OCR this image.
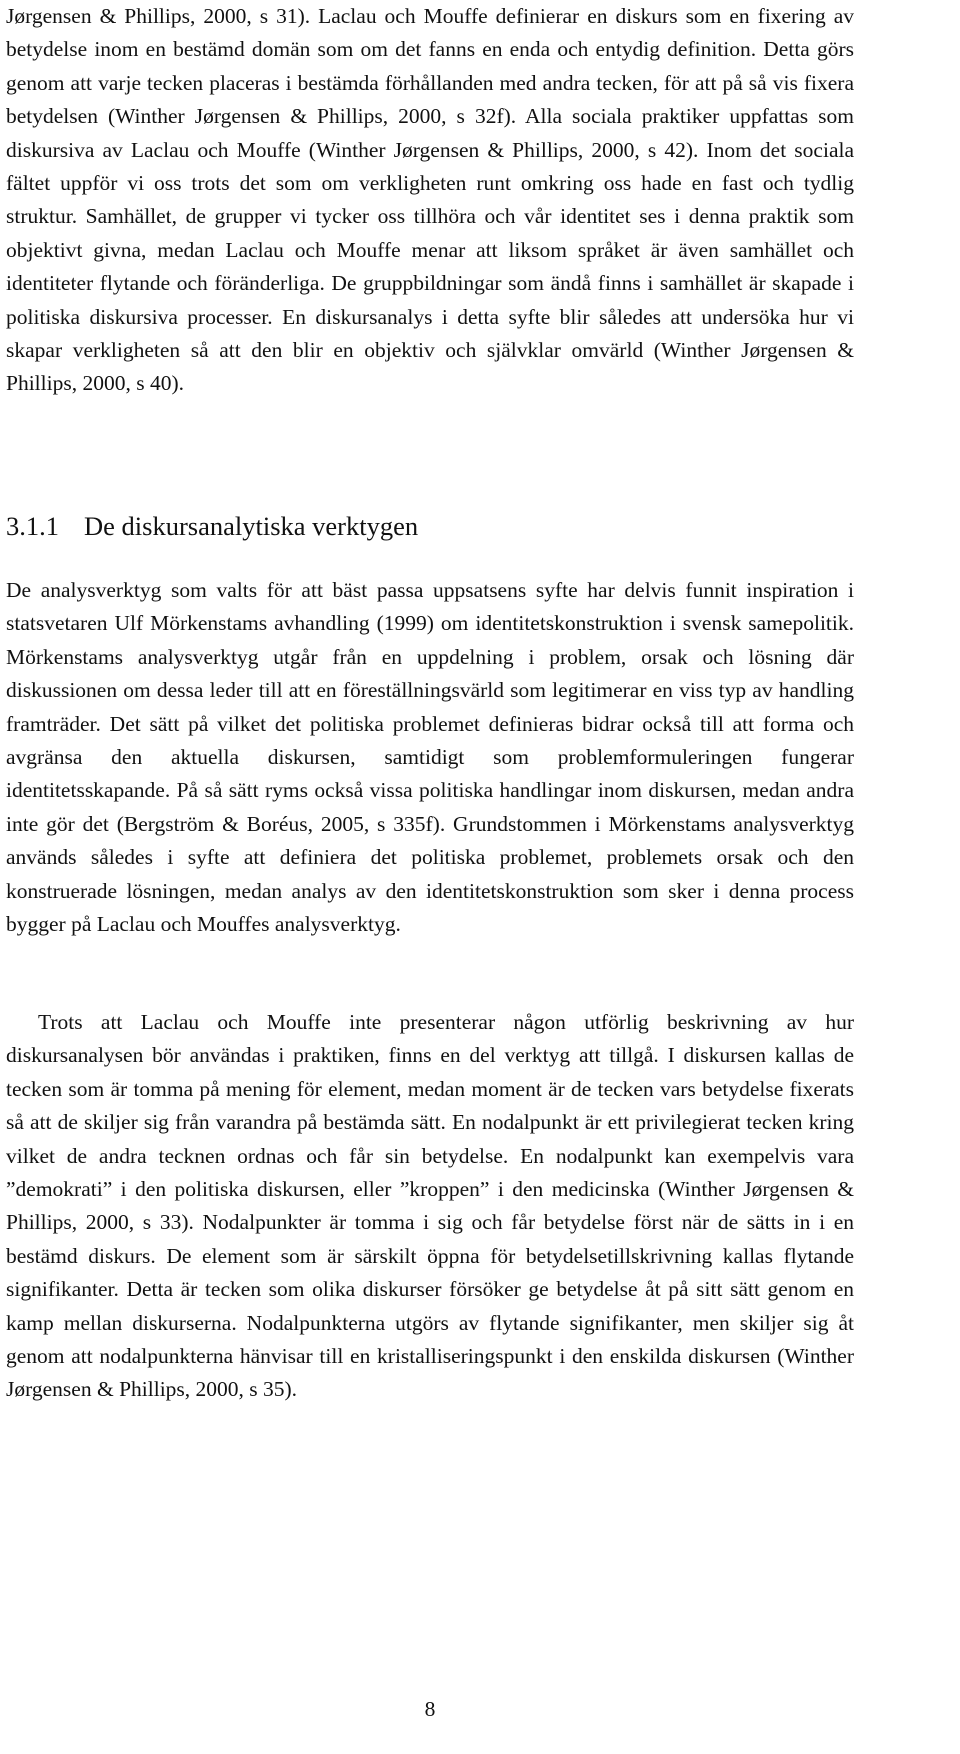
Jørgensen & Phillips, 2000, s 31). Laclau och Mouffe definierar en diskurs som en fixering av betydelse inom en bestämd domän som om det fanns en enda och entydig definition. Detta görs genom att varje tecken placeras i bestämda förhållanden med andra tecken, för att på så vis fixera betydelsen (Winther Jørgensen & Phillips, 2000, s 32f). Alla sociala praktiker uppfattas som diskursiva av Laclau och Mouffe (Winther Jørgensen & Phillips, 2000, s 42). Inom det sociala fältet uppför vi oss trots det som om verkligheten runt omkring oss hade en fast och tydlig struktur. Samhället, de grupper vi tycker oss tillhöra och vår identitet ses i denna praktik som objektivt givna, medan Laclau och Mouffe menar att liksom språket är även samhället och identiteter flytande och föränderliga. De gruppbildningar som ändå finns i samhället är skapade i politiska diskursiva processer. En diskursanalys i detta syfte blir således att undersöka hur vi skapar verkligheten så att den blir en objektiv och självklar omvärld (Winther Jørgensen & Phillips, 2000, s 40).

3.1.1 De diskursanalytiska verktygen

De analysverktyg som valts för att bäst passa uppsatsens syfte har delvis funnit inspiration i statsvetaren Ulf Mörkenstams avhandling (1999) om identitetskonstruktion i svensk samepolitik. Mörkenstams analysverktyg utgår från en uppdelning i problem, orsak och lösning där diskussionen om dessa leder till att en föreställningsvärld som legitimerar en viss typ av handling framträder. Det sätt på vilket det politiska problemet definieras bidrar också till att forma och avgränsa den aktuella diskursen, samtidigt som problemformuleringen fungerar identitetsskapande. På så sätt ryms också vissa politiska handlingar inom diskursen, medan andra inte gör det (Bergström & Boréus, 2005, s 335f). Grundstommen i Mörkenstams analysverktyg används således i syfte att definiera det politiska problemet, problemets orsak och den konstruerade lösningen, medan analys av den identitetskonstruktion som sker i denna process bygger på Laclau och Mouffes analysverktyg.

Trots att Laclau och Mouffe inte presenterar någon utförlig beskrivning av hur diskursanalysen bör användas i praktiken, finns en del verktyg att tillgå. I diskursen kallas de tecken som är tomma på mening för element, medan moment är de tecken vars betydelse fixerats så att de skiljer sig från varandra på bestämda sätt. En nodalpunkt är ett privilegierat tecken kring vilket de andra tecknen ordnas och får sin betydelse. En nodalpunkt kan exempelvis vara ”demokrati” i den politiska diskursen, eller ”kroppen” i den medicinska (Winther Jørgensen & Phillips, 2000, s 33). Nodalpunkter är tomma i sig och får betydelse först när de sätts in i en bestämd diskurs. De element som är särskilt öppna för betydelsetillskrivning kallas flytande signifikanter. Detta är tecken som olika diskurser försöker ge betydelse åt på sitt sätt genom en kamp mellan diskurserna. Nodalpunkterna utgörs av flytande signifikanter, men skiljer sig åt genom att nodalpunkterna hänvisar till en kristalliseringspunkt i den enskilda diskursen (Winther Jørgensen & Phillips, 2000, s 35).

8
